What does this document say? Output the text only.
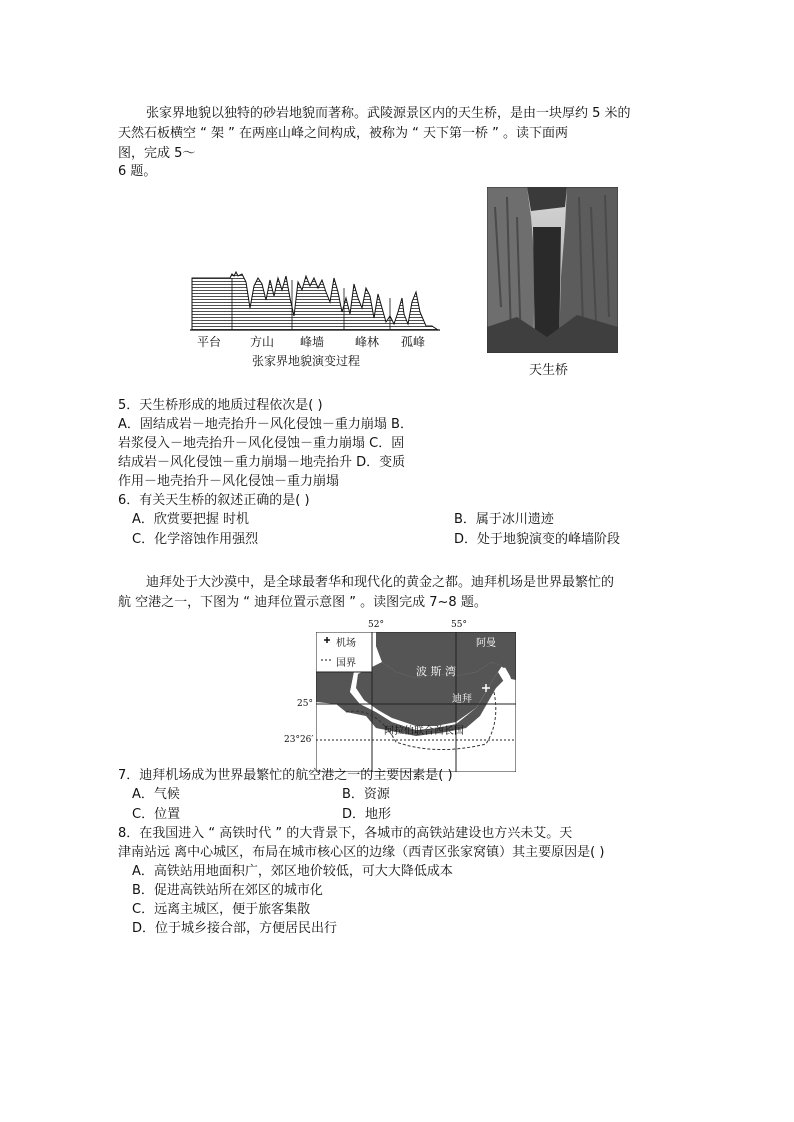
张家界地貌以独特的砂岩地貌而著称。武陵源景区内的天生桥，是由一块厚约 5 米的
天然石板横空 “ 架 ” 在两座山峰之间构成，被称为 “ 天下第一桥 ” 。读下面两
图，完成 5～
6 题。
平台 方山 峰墙	峰林 孤峰
张家界地貌演变过程
天生桥
5．天生桥形成的地质过程依次是( )
A．固结成岩－地壳抬升－风化侵蚀－重力崩塌 B．
岩浆侵入－地壳抬升－风化侵蚀－重力崩塌 C．固
结成岩－风化侵蚀－重力崩塌－地壳抬升 D．变质
作用－地壳抬升－风化侵蚀－重力崩塌
6．有关天生桥的叙述正确的是( )
A．欣赏要把握 时机	B．属于冰川遗迹
C．化学溶蚀作用强烈	D．处于地貌演变的峰墙阶段
迪拜处于大沙漠中，是全球最奢华和现代化的黄金之都。迪拜机场是世界最繁忙的
航 空港之一，下图为 “ 迪拜位置示意图 ” 。读图完成 7~8 题。
52°	55°
25°
23°26′
机场
国界
波 斯 湾
阿曼
迪拜
阿拉伯联合酋长国
7．迪拜机场成为世界最繁忙的航空港之一的主要因素是( )
A．气候	B．资源
C．位置	D．地形
8．在我国进入 “ 高铁时代 ” 的大背景下，各城市的高铁站建设也方兴未艾。天
津南站远 离中心城区，布局在城市核心区的边缘（西青区张家窝镇）其主要原因是( )
A．高铁站用地面积广，郊区地价较低，可大大降低成本
B．促进高铁站所在郊区的城市化
C．远离主城区，便于旅客集散
D．位于城乡接合部，方便居民出行
